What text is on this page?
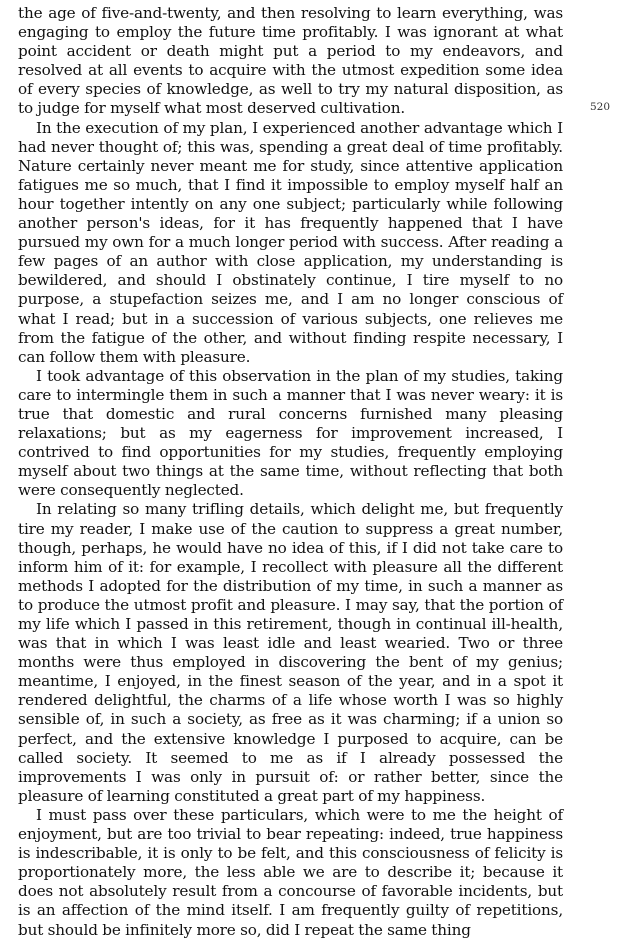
the age of five-and-twenty, and then resolving to learn everything, was engaging to employ the future time profitably. I was ignorant at what point accident or death might put a period to my endeavors, and resolved at all events to acquire with the utmost expedition some idea of every species of knowledge, as well to try my natural disposition, as to judge for myself what most deserved cultivation.

In the execution of my plan, I experienced another advantage which I had never thought of; this was, spending a great deal of time profitably. Nature certainly never meant me for study, since attentive application fatigues me so much, that I find it impossible to employ myself half an hour together intently on any one subject; particularly while following another person's ideas, for it has frequently happened that I have pursued my own for a much longer period with success. After reading a few pages of an author with close application, my understanding is bewildered, and should I obstinately continue, I tire myself to no purpose, a stupefaction seizes me, and I am no longer conscious of what I read; but in a succession of various subjects, one relieves me from the fatigue of the other, and without finding respite necessary, I can follow them with pleasure.

I took advantage of this observation in the plan of my studies, taking care to intermingle them in such a manner that I was never weary: it is true that domestic and rural concerns furnished many pleasing relaxations; but as my eagerness for improvement increased, I contrived to find opportunities for my studies, frequently employing myself about two things at the same time, without reflecting that both were consequently neglected.

In relating so many trifling details, which delight me, but frequently tire my reader, I make use of the caution to suppress a great number, though, perhaps, he would have no idea of this, if I did not take care to inform him of it: for example, I recollect with pleasure all the different methods I adopted for the distribution of my time, in such a manner as to produce the utmost profit and pleasure. I may say, that the portion of my life which I passed in this retirement, though in continual ill-health, was that in which I was least idle and least wearied. Two or three months were thus employed in discovering the bent of my genius; meantime, I enjoyed, in the finest season of the year, and in a spot it rendered delightful, the charms of a life whose worth I was so highly sensible of, in such a society, as free as it was charming; if a union so perfect, and the extensive knowledge I purposed to acquire, can be called society. It seemed to me as if I already possessed the improvements I was only in pursuit of: or rather better, since the pleasure of learning constituted a great part of my happiness.

I must pass over these particulars, which were to me the height of enjoyment, but are too trivial to bear repeating: indeed, true happiness is indescribable, it is only to be felt, and this consciousness of felicity is proportionately more, the less able we are to describe it; because it does not absolutely result from a concourse of favorable incidents, but is an affection of the mind itself. I am frequently guilty of repetitions, but should be infinitely more so, did I repeat the same thing

520
